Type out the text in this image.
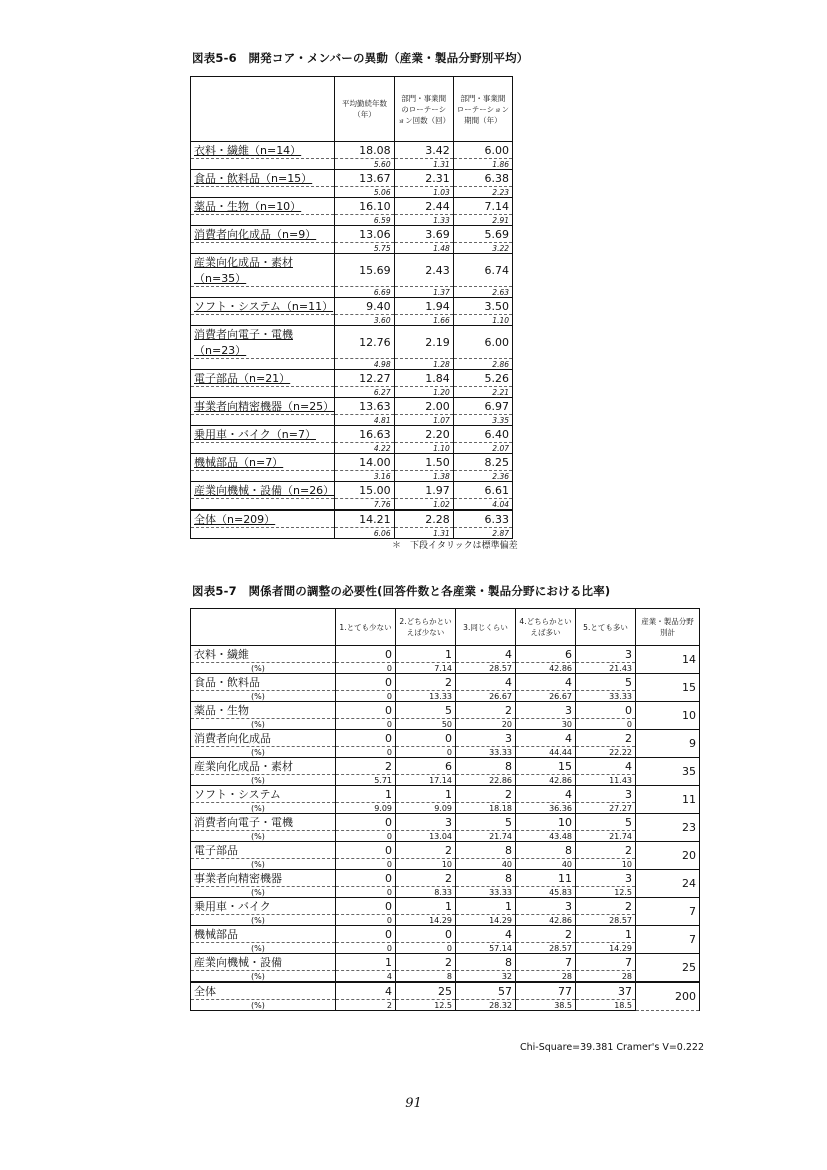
図表5-6　開発コア・メンバーの異動（産業・製品分野別平均）
	平均勤続年数（年）	部門・事業間のローテーション回数（回）	部門・事業間ローテーション期間（年）
衣料・繊維（n=14）	18.08	3.42	6.00
	5.60	1.31	1.86
食品・飲料品（n=15）	13.67	2.31	6.38
	5.06	1.03	2.23
薬品・生物（n=10）	16.10	2.44	7.14
	6.59	1.33	2.91
消費者向化成品（n=9）	13.06	3.69	5.69
	5.75	1.48	3.22
産業向化成品・素材（n=35）	15.69	2.43	6.74
	6.69	1.37	2.63
ソフト・システム（n=11）	9.40	1.94	3.50
	3.60	1.66	1.10
消費者向電子・電機（n=23）	12.76	2.19	6.00
	4.98	1.28	2.86
電子部品（n=21）	12.27	1.84	5.26
	6.27	1.20	2.21
事業者向精密機器（n=25）	13.63	2.00	6.97
	4.81	1.07	3.35
乗用車・バイク（n=7）	16.63	2.20	6.40
	4.22	1.10	2.07
機械部品（n=7）	14.00	1.50	8.25
	3.16	1.38	2.36
産業向機械・設備（n=26）	15.00	1.97	6.61
	7.76	1.02	4.04
全体（n=209）	14.21	2.28	6.33
	6.06	1.31	2.87
＊　下段イタリックは標準偏差
図表5-7　関係者間の調整の必要性(回答件数と各産業・製品分野における比率)
	1.とても少ない	2.どちらかといえば少ない	3.同じくらい	4.どちらかといえば多い	5.とても多い	産業・製品分野別計
衣料・繊維	0	1	4	6	3	14
(%)	0	7.14	28.57	42.86	21.43	
食品・飲料品	0	2	4	4	5	15
(%)	0	13.33	26.67	26.67	33.33	
薬品・生物	0	5	2	3	0	10
(%)	0	50	20	30	0	
消費者向化成品	0	0	3	4	2	9
(%)	0	0	33.33	44.44	22.22	
産業向化成品・素材	2	6	8	15	4	35
(%)	5.71	17.14	22.86	42.86	11.43	
ソフト・システム	1	1	2	4	3	11
(%)	9.09	9.09	18.18	36.36	27.27	
消費者向電子・電機	0	3	5	10	5	23
(%)	0	13.04	21.74	43.48	21.74	
電子部品	0	2	8	8	2	20
(%)	0	10	40	40	10	
事業者向精密機器	0	2	8	11	3	24
(%)	0	8.33	33.33	45.83	12.5	
乗用車・バイク	0	1	1	3	2	7
(%)	0	14.29	14.29	42.86	28.57	
機械部品	0	0	4	2	1	7
(%)	0	0	57.14	28.57	14.29	
産業向機械・設備	1	2	8	7	7	25
(%)	4	8	32	28	28	
全体	4	25	57	77	37	200
(%)	2	12.5	28.32	38.5	18.5	
Chi-Square=39.381 Cramer's V=0.222
91
